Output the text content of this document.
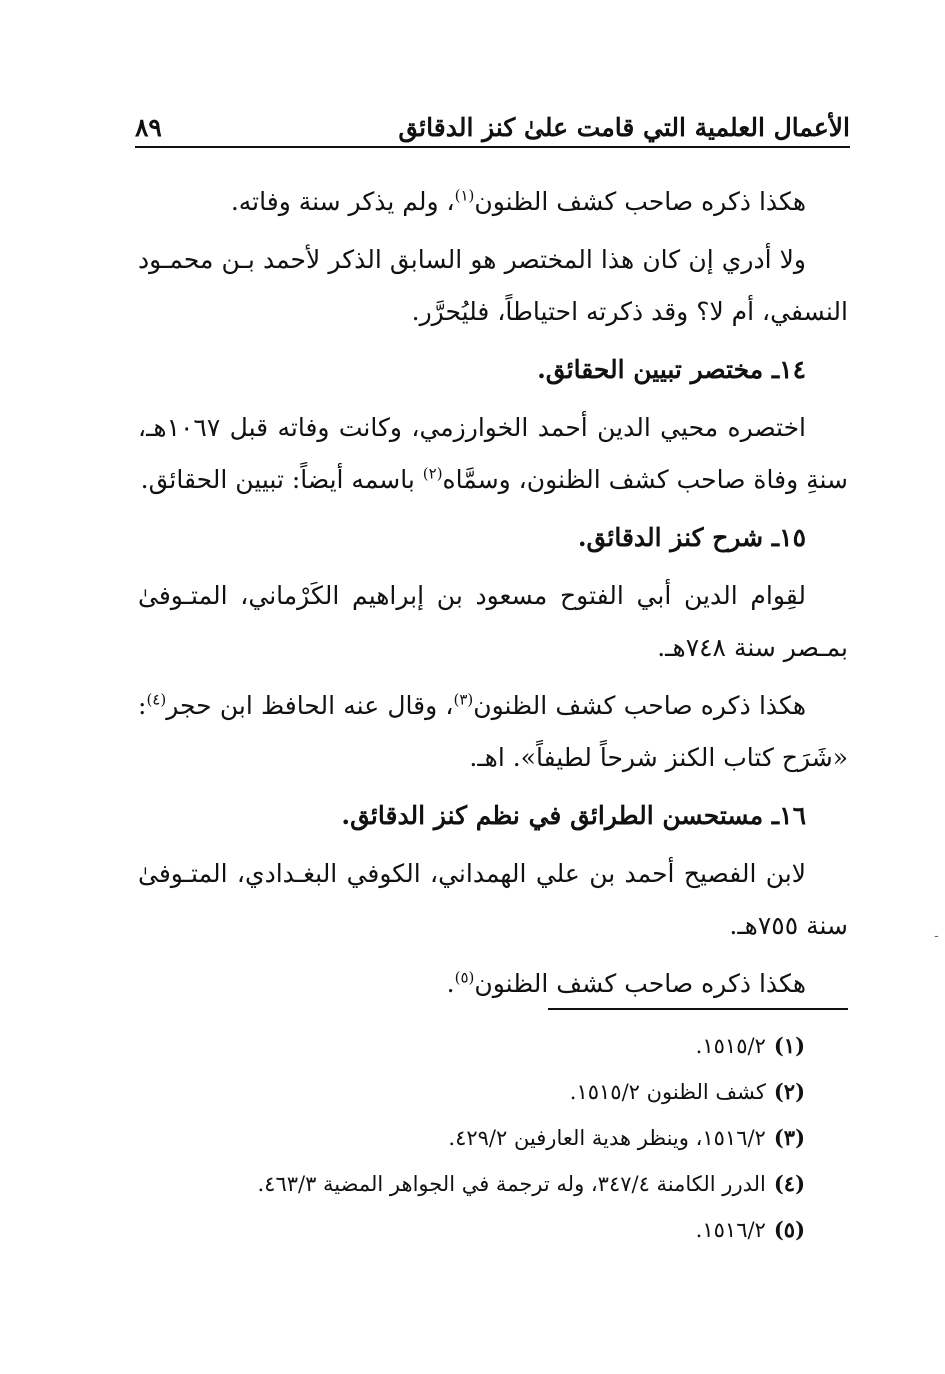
الأعمال العلمية التي قامت علىٰ كنز الدقائق
٨٩

هكذا ذكره صاحب كشف الظنون$^{(١)}$، ولم يذكر سنة وفاته.

ولا أدري إن كان هذا المختصر هو السابق الذكر لأحمد بـن محمـود النسفي، أم لا؟ وقد ذكرته احتياطاً، فليُحرَّر.

١٤ـ مختصر تبيين الحقائق.

اختصره محيي الدين أحمد الخوارزمي، وكانت وفاته قبل ١٠٦٧هـ، سنةِ وفاة صاحب كشف الظنون، وسمَّاه$^{(٢)}$ باسمه أيضاً: تبيين الحقائق.

١٥ـ شرح كنز الدقائق.

لقِوام الدين أبي الفتوح مسعود بن إبراهيم الكَرْماني، المتـوفىٰ بمـصر سنة ٧٤٨هـ.

هكذا ذكره صاحب كشف الظنون$^{(٣)}$، وقال عنه الحافظ ابن حجر$^{(٤)}$: «شَرَح كتاب الكنز شرحاً لطيفاً». اهـ.

١٦ـ مستحسن الطرائق في نظم كنز الدقائق.

لابن الفصيح أحمد بن علي الهمداني، الكوفي البغـدادي، المتـوفىٰ سنة ٧٥٥هـ.

هكذا ذكره صاحب كشف الظنون$^{(٥)}$.

(١)١٥١٥/٢.
(٢)كشف الظنون ١٥١٥/٢.
(٣)١٥١٦/٢، وينظر هدية العارفين ٤٢٩/٢.
(٤)الدرر الكامنة ٣٤٧/٤، وله ترجمة في الجواهر المضية ٤٦٣/٣.
(٥)١٥١٦/٢.
-
